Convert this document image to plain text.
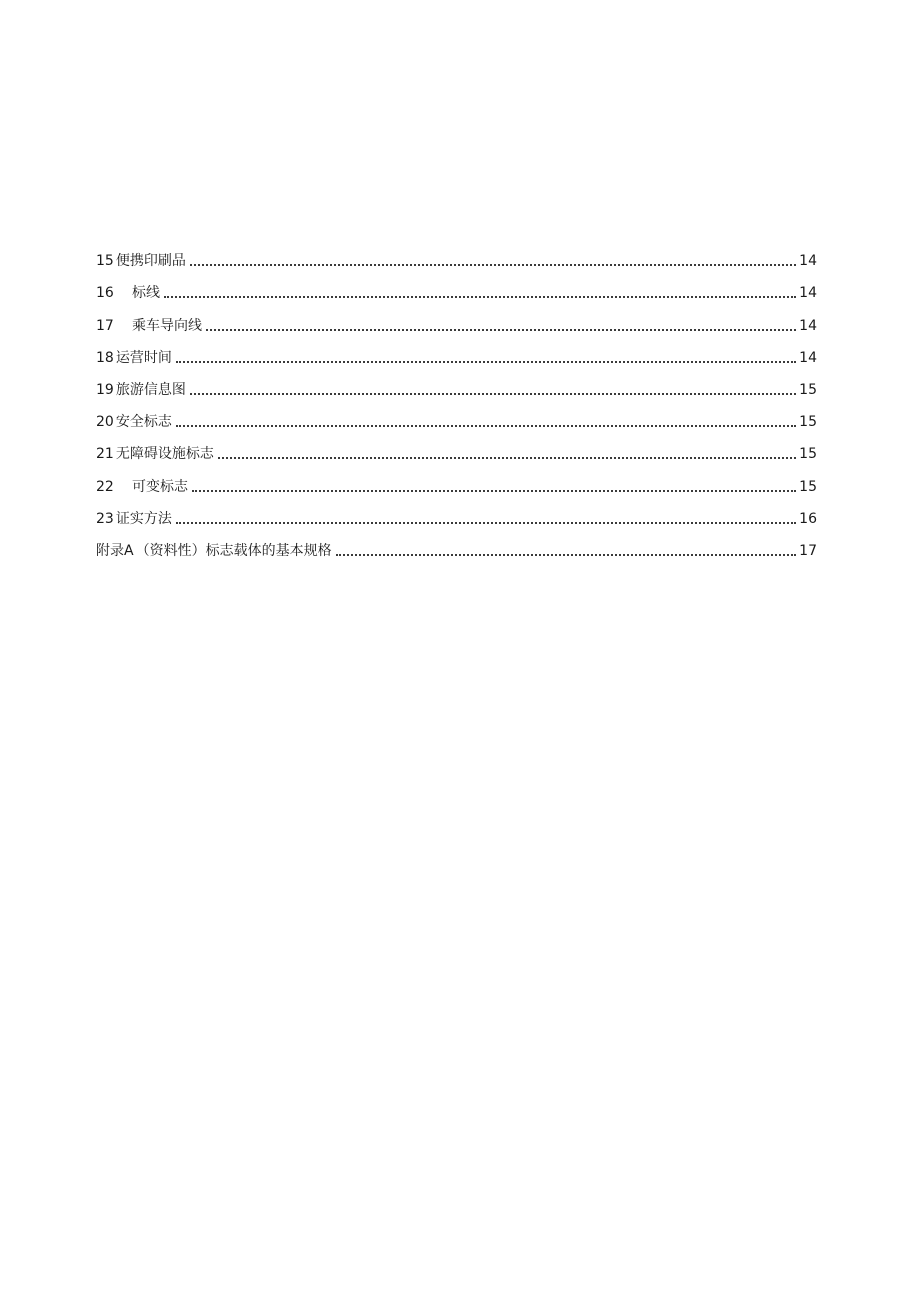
15 便携印刷品	14
16	标线	14
17	乘车导向线	14
18 运营时间	14
19 旅游信息图	15
20 安全标志	15
21 无障碍设施标志	15
22	可变标志	15
23 证实方法	16
附录A （资料性）标志载体的基本规格	17
